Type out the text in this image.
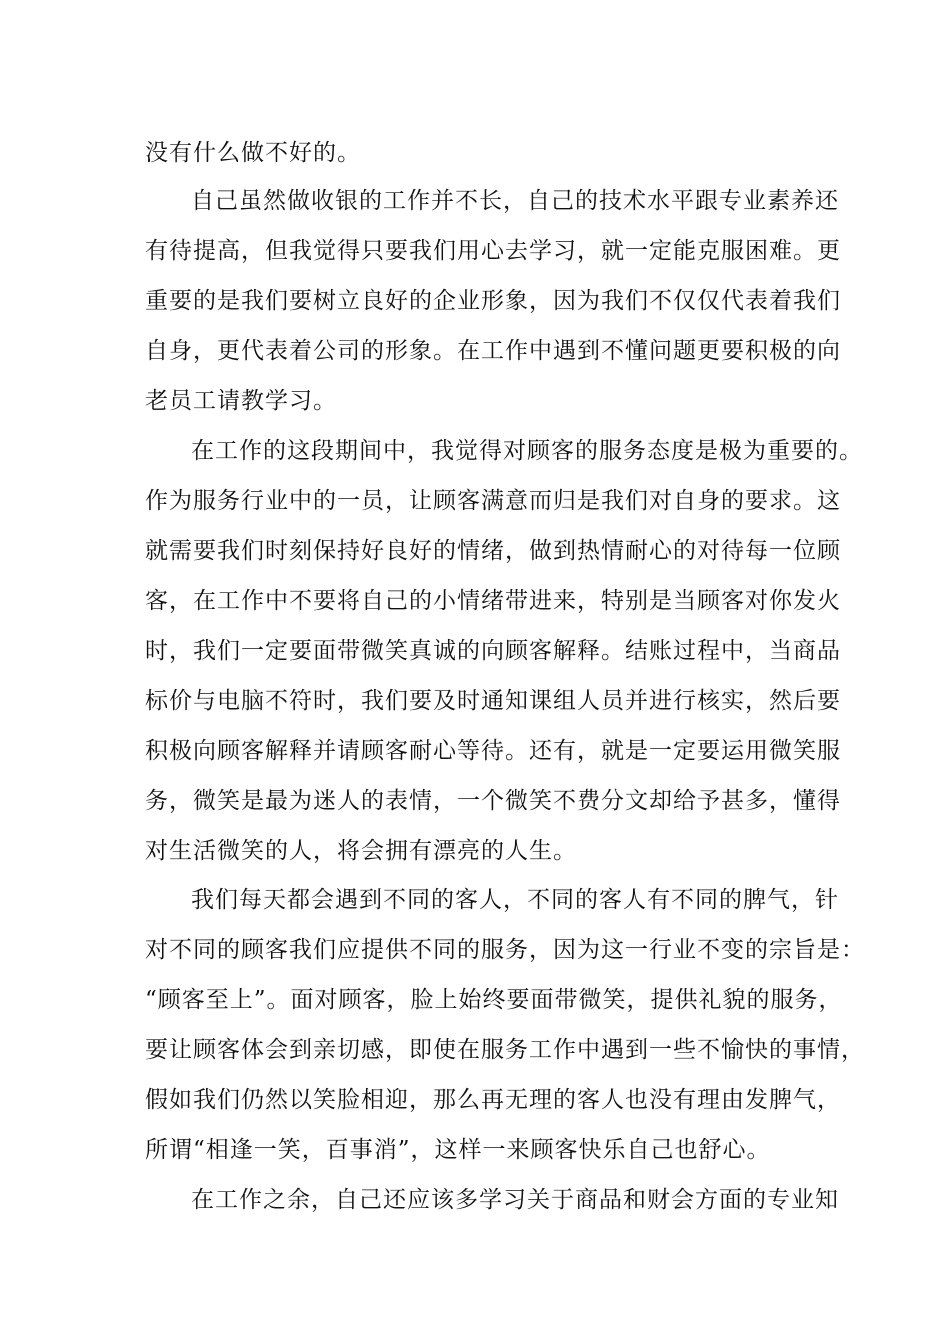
没有什么做不好的。
自己虽然做收银的工作并不长，自己的技术水平跟专业素养还
有待提高，但我觉得只要我们用心去学习，就一定能克服困难。更
重要的是我们要树立良好的企业形象，因为我们不仅仅代表着我们
自身，更代表着公司的形象。在工作中遇到不懂问题更要积极的向
老员工请教学习。
在工作的这段期间中，我觉得对顾客的服务态度是极为重要的。
作为服务行业中的一员，让顾客满意而归是我们对自身的要求。这
就需要我们时刻保持好良好的情绪，做到热情耐心的对待每一位顾
客，在工作中不要将自己的小情绪带进来，特别是当顾客对你发火
时，我们一定要面带微笑真诚的向顾客解释。结账过程中，当商品
标价与电脑不符时，我们要及时通知课组人员并进行核实，然后要
积极向顾客解释并请顾客耐心等待。还有，就是一定要运用微笑服
务，微笑是最为迷人的表情，一个微笑不费分文却给予甚多，懂得
对生活微笑的人，将会拥有漂亮的人生。
我们每天都会遇到不同的客人，不同的客人有不同的脾气，针
对不同的顾客我们应提供不同的服务，因为这一行业不变的宗旨是：
“顾客至上”。面对顾客，脸上始终要面带微笑，提供礼貌的服务，
要让顾客体会到亲切感，即使在服务工作中遇到一些不愉快的事情，
假如我们仍然以笑脸相迎，那么再无理的客人也没有理由发脾气，
所谓“相逢一笑，百事消”，这样一来顾客快乐自己也舒心。
在工作之余，自己还应该多学习关于商品和财会方面的专业知
